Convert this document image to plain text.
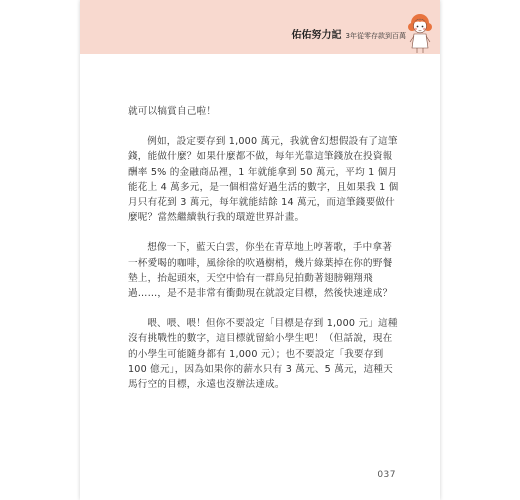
佑佑努力記 3年從零存款到百萬

就可以犒賞自己啦！

例如，設定要存到 1,000 萬元，我就會幻想假設有了這筆錢，能做什麼？如果什麼都不做，每年光靠這筆錢放在投資報酬率 5% 的金融商品裡，1 年就能拿到 50 萬元，平均 1 個月能花上 4 萬多元，是一個相當好過生活的數字，且如果我 1 個月只有花到 3 萬元，每年就能結餘 14 萬元，而這筆錢要做什麼呢？當然繼續執行我的環遊世界計畫。

想像一下，藍天白雲，你坐在青草地上哼著歌，手中拿著一杯愛喝的咖啡，風徐徐的吹過樹梢，幾片綠葉掉在你的野餐墊上，抬起頭來，天空中恰有一群鳥兒拍動著翅膀翱翔飛過……，是不是非常有衝動現在就設定目標，然後快速達成？

喂、喂、喂！但你不要設定「目標是存到 1,000 元」這種沒有挑戰性的數字，這目標就留給小學生吧！（但話說，現在的小學生可能隨身都有 1,000 元）；也不要設定「我要存到 100 億元」，因為如果你的薪水只有 3 萬元、5 萬元，這種天馬行空的目標，永遠也沒辦法達成。

037
